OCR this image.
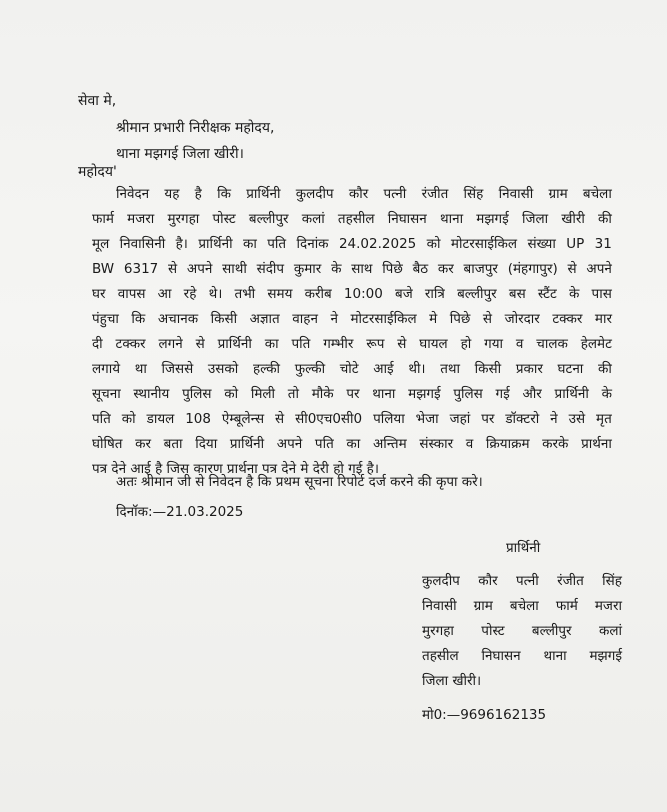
सेवा मे,
श्रीमान प्रभारी निरीक्षक महोदय,
थाना मझगई जिला खीरी।
महोदय'
निवेदन यह है कि प्रार्थिनी कुलदीप कौर पत्नी रंजीत सिंह निवासी ग्राम बचेला
फार्म मजरा मुरगहा पोस्ट बल्लीपुर कलां तहसील निघासन थाना मझगई जिला खीरी की
मूल निवासिनी है। प्रार्थिनी का पति दिनांक 24.02.2025 को मोटरसाईकिल संख्या UP 31
BW 6317 से अपने साथी संदीप कुमार के साथ पिछे बैठ कर बाजपुर (मंहगापुर) से अपने
घर वापस आ रहे थे। तभी समय करीब 10:00 बजे रात्रि बल्लीपुर बस स्टैंट के पास
पंहुचा कि अचानक किसी अज्ञात वाहन ने मोटरसाईकिल मे पिछे से जोरदार टक्कर मार
दी टक्कर लगने से प्रार्थिनी का पति गम्भीर रूप से घायल हो गया व चालक हेलमेट
लगाये था जिससे उसको हल्की फुल्की चोटे आई थी। तथा किसी प्रकार घटना की
सूचना स्थानीय पुलिस को मिली तो मौके पर थाना मझगई पुलिस गई और प्रार्थिनी के
पति को डायल 108 ऐम्बूलेन्स से सी0एच0सी0 पलिया भेजा जहां पर डॉक्टरो ने उसे मृत
घोषित कर बता दिया प्रार्थिनी अपने पति का अन्तिम संस्कार व क्रियाक्रम करके प्रार्थना
पत्र देने आई है जिस कारण प्रार्थना पत्र देने मे देरी हो गई है।
अतः श्रीमान जी से निवेदन है कि प्रथम सूचना रिपोर्ट दर्ज करने की कृपा करे।
दिनॉक:—21.03.2025
प्रार्थिनी
कुलदीप कौर पत्नी रंजीत सिंह
निवासी ग्राम बचेला फार्म मजरा
मुरगहा पोस्ट बल्लीपुर कलां
तहसील निघासन थाना मझगई
जिला खीरी।
मो0:—9696162135
